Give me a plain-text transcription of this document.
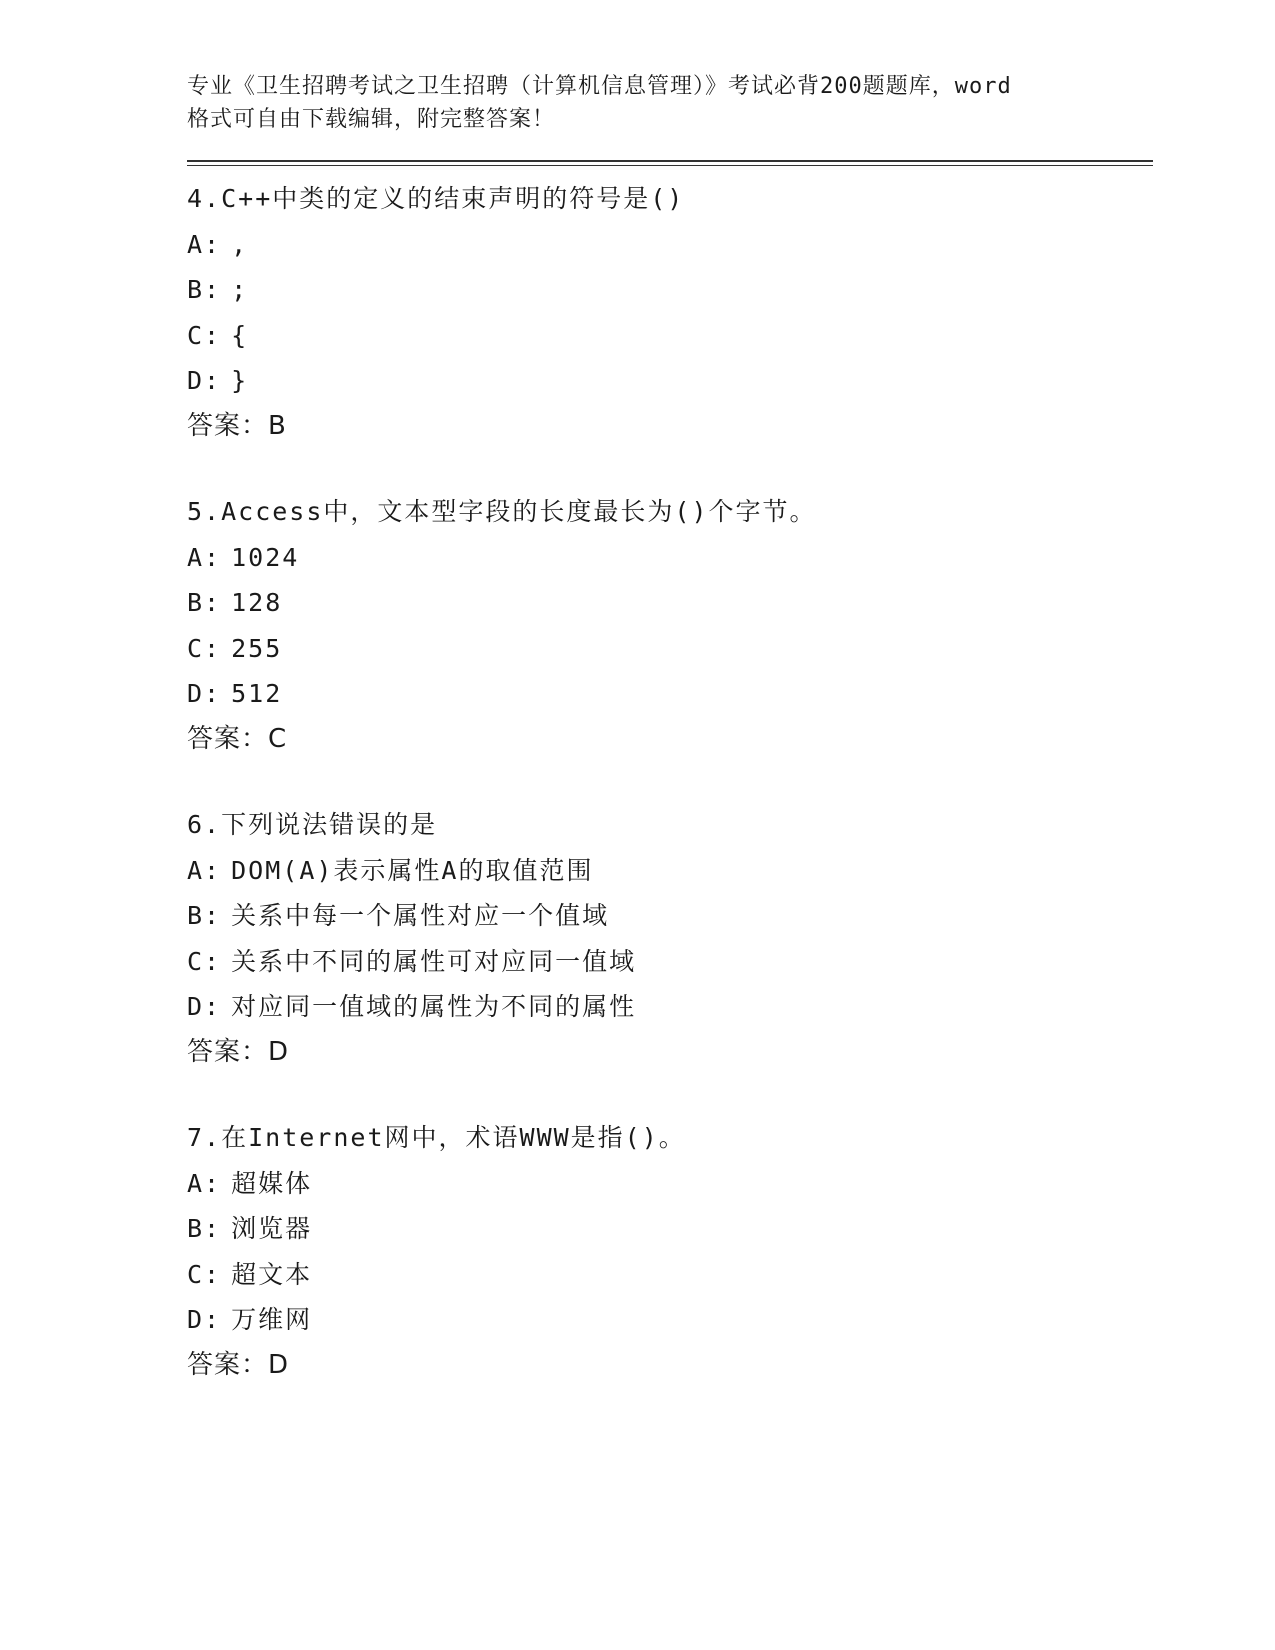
专业《卫生招聘考试之卫生招聘（计算机信息管理）》考试必背200题题库，word
格式可自由下载编辑，附完整答案！
4.C++中类的定义的结束声明的符号是()
A: ,
B: ;
C: {
D: }
答案：B
5.Access中，文本型字段的长度最长为()个字节。
A: 1024
B: 128
C: 255
D: 512
答案：C
6.下列说法错误的是
A: DOM(A)表示属性A的取值范围
B: 关系中每一个属性对应一个值域
C: 关系中不同的属性可对应同一值域
D: 对应同一值域的属性为不同的属性
答案：D
7.在Internet网中，术语WWW是指()。
A: 超媒体
B: 浏览器
C: 超文本
D: 万维网
答案：D
